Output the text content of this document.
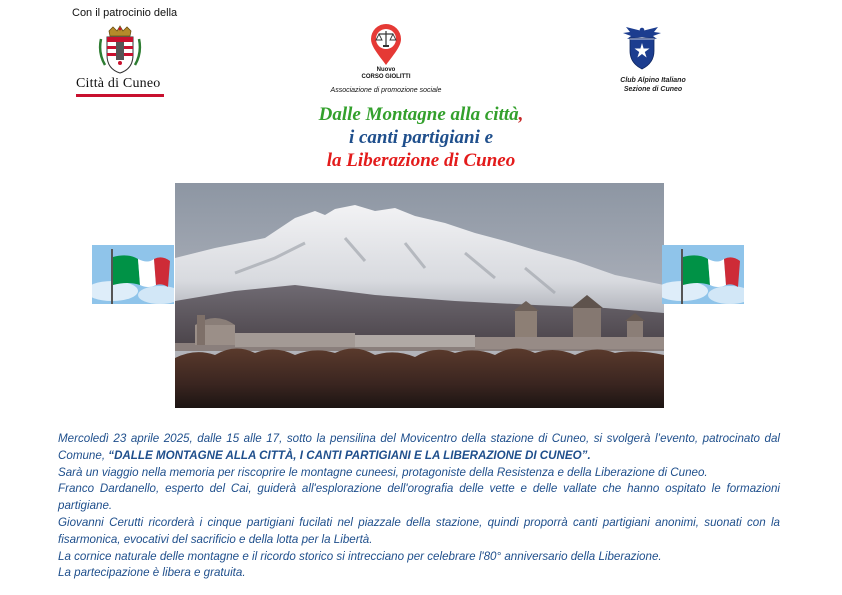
Con il patrocinio della
Città di Cuneo
Nuovo
CORSO GIOLITTI
Associazione di promozione sociale
Club Alpino Italiano
Sezione di Cuneo
Dalle Montagne alla città,
i canti partigiani e
la Liberazione di Cuneo

Mercoledì 23 aprile 2025, dalle 15 alle 17, sotto la pensilina del Movicentro della stazione di Cuneo, si svolgerà l’evento, patrocinato dal Comune, “DALLE MONTAGNE ALLA CITTÀ, I CANTI PARTIGIANI E LA LIBERAZIONE DI CUNEO”.

Sarà un viaggio nella memoria per riscoprire le montagne cuneesi, protagoniste della Resistenza e della Liberazione di Cuneo.

Franco Dardanello, esperto del Cai, guiderà all'esplorazione dell'orografia delle vette e delle vallate che hanno ospitato le formazioni partigiane.

Giovanni Cerutti ricorderà i cinque partigiani fucilati nel piazzale della stazione, quindi proporrà canti partigiani anonimi, suonati con la fisarmonica, evocativi del sacrificio e della lotta per la Libertà.

La cornice naturale delle montagne e il ricordo storico si intrecciano per celebrare l'80° anniversario della Liberazione.

La partecipazione è libera e gratuita.
